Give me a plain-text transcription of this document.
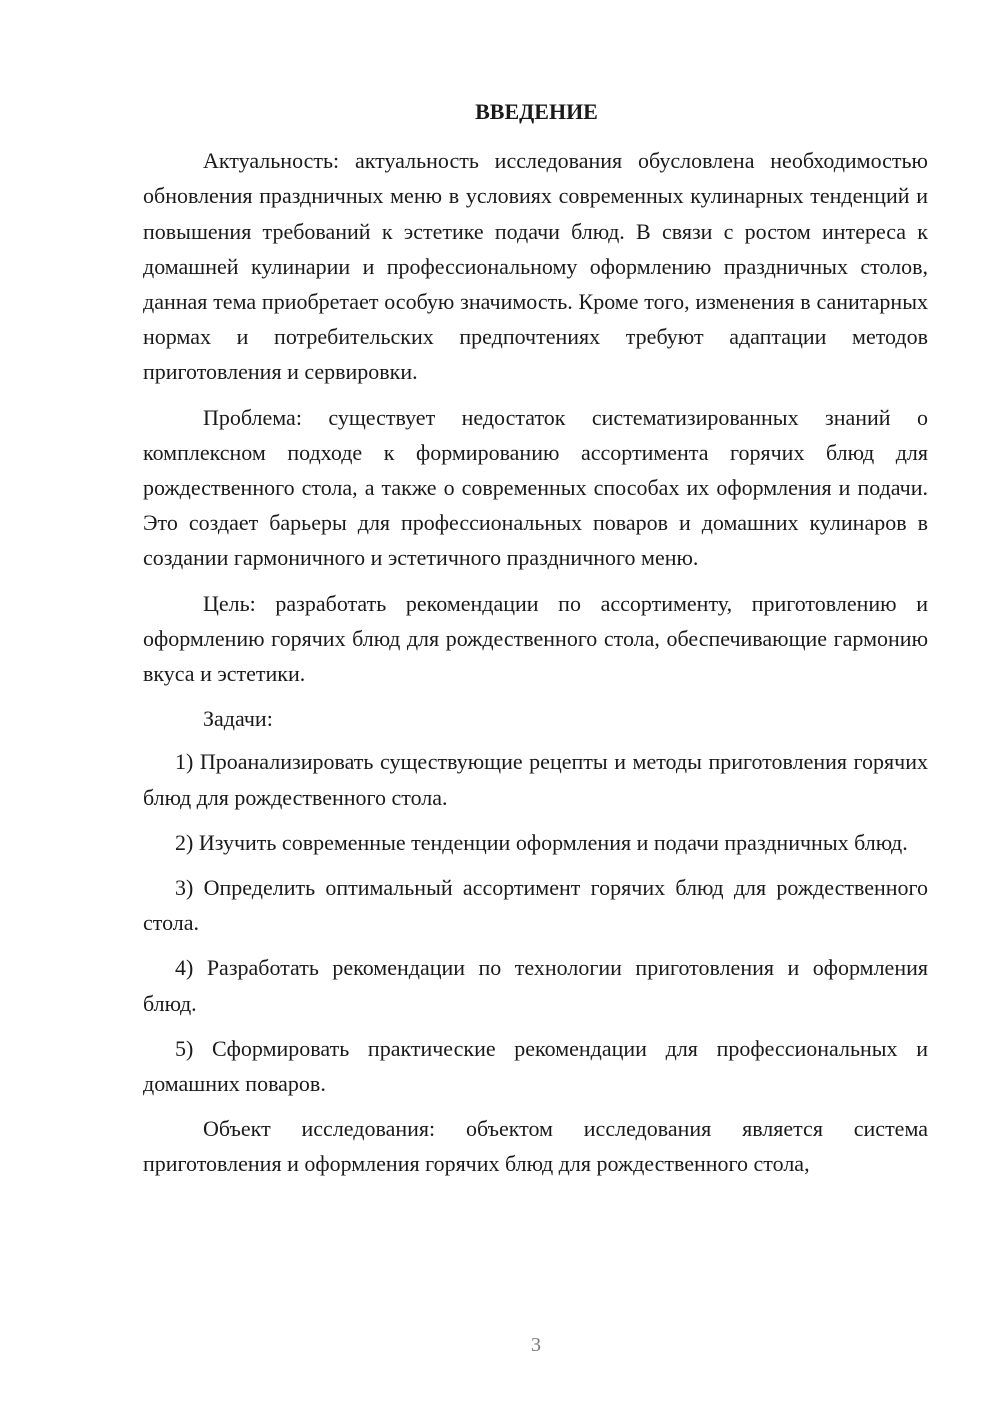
ВВЕДЕНИЕ

Актуальность: актуальность исследования обусловлена необходимостью обновления праздничных меню в условиях современных кулинарных тенденций и повышения требований к эстетике подачи блюд. В связи с ростом интереса к домашней кулинарии и профессиональному оформлению праздничных столов, данная тема приобретает особую значимость. Кроме того, изменения в санитарных нормах и потребительских предпочтениях требуют адаптации методов приготовления и сервировки.

Проблема: существует недостаток систематизированных знаний о комплексном подходе к формированию ассортимента горячих блюд для рождественного стола, а также о современных способах их оформления и подачи. Это создает барьеры для профессиональных поваров и домашних кулинаров в создании гармоничного и эстетичного праздничного меню.

Цель: разработать рекомендации по ассортименту, приготовлению и оформлению горячих блюд для рождественного стола, обеспечивающие гармонию вкуса и эстетики.

Задачи:

1) Проанализировать существующие рецепты и методы приготовления горячих блюд для рождественного стола.

2) Изучить современные тенденции оформления и подачи праздничных блюд.

3) Определить оптимальный ассортимент горячих блюд для рождественного стола.

4) Разработать рекомендации по технологии приготовления и оформления блюд.

5) Сформировать практические рекомендации для профессиональных и домашних поваров.

Объект исследования: объектом исследования является система приготовления и оформления горячих блюд для рождественного стола,

3
